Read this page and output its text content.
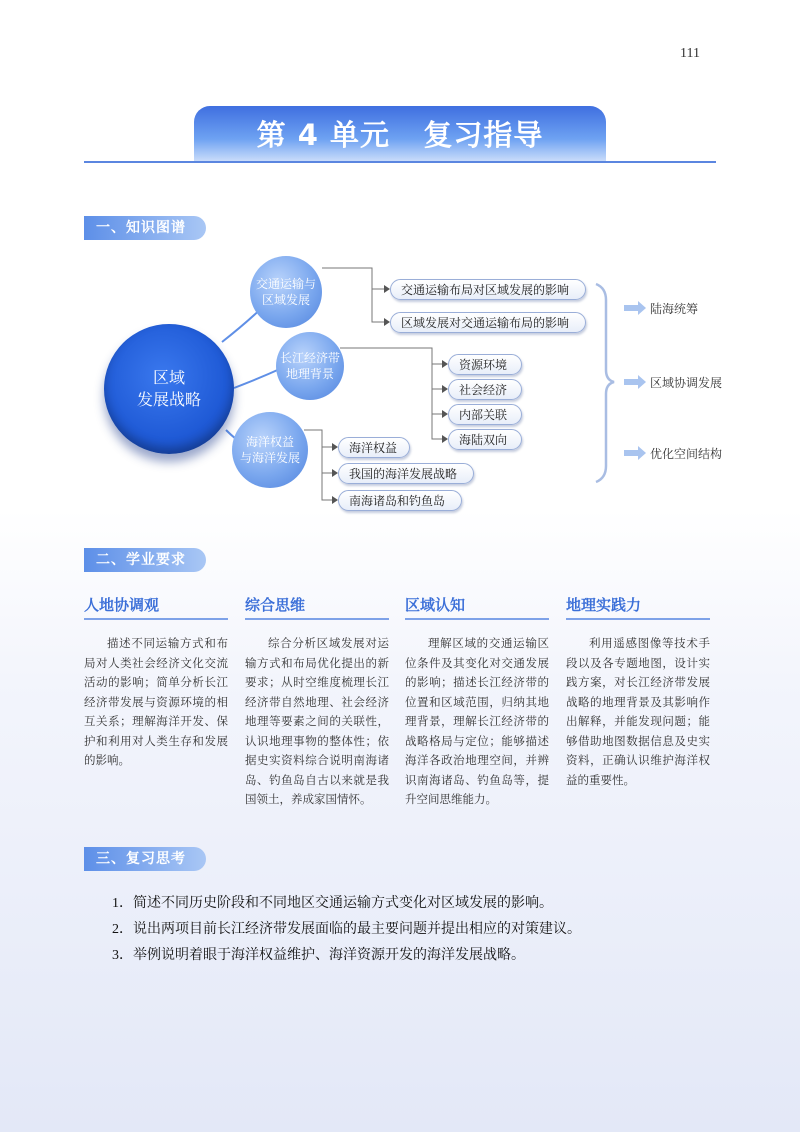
111
第 4 单元   复习指导
一、知识图谱
区域
发展战略
交通运输与
区域发展
长江经济带
地理背景
海洋权益
与海洋发展
交通运输布局对区域发展的影响
区域发展对交通运输布局的影响
资源环境
社会经济
内部关联
海陆双向
海洋权益
我国的海洋发展战略
南海诸岛和钓鱼岛
陆海统筹
区域协调发展
优化空间结构
二、学业要求
人地协调观
描述不同运输方式和布局对人类社会经济文化交流活动的影响；简单分析长江经济带发展与资源环境的相互关系；理解海洋开发、保护和利用对人类生存和发展的影响。
综合思维
综合分析区域发展对运输方式和布局优化提出的新要求；从时空维度梳理长江经济带自然地理、社会经济地理等要素之间的关联性，认识地理事物的整体性；依据史实资料综合说明南海诸岛、钓鱼岛自古以来就是我国领土，养成家国情怀。
区域认知
理解区域的交通运输区位条件及其变化对交通发展的影响；描述长江经济带的位置和区域范围，归纳其地理背景，理解长江经济带的战略格局与定位；能够描述海洋各政治地理空间，并辨识南海诸岛、钓鱼岛等，提升空间思维能力。
地理实践力
利用遥感图像等技术手段以及各专题地图，设计实践方案，对长江经济带发展战略的地理背景及其影响作出解释，并能发现问题；能够借助地图数据信息及史实资料，正确认识维护海洋权益的重要性。
三、复习思考
1．简述不同历史阶段和不同地区交通运输方式变化对区域发展的影响。
2．说出两项目前长江经济带发展面临的最主要问题并提出相应的对策建议。
3．举例说明着眼于海洋权益维护、海洋资源开发的海洋发展战略。
